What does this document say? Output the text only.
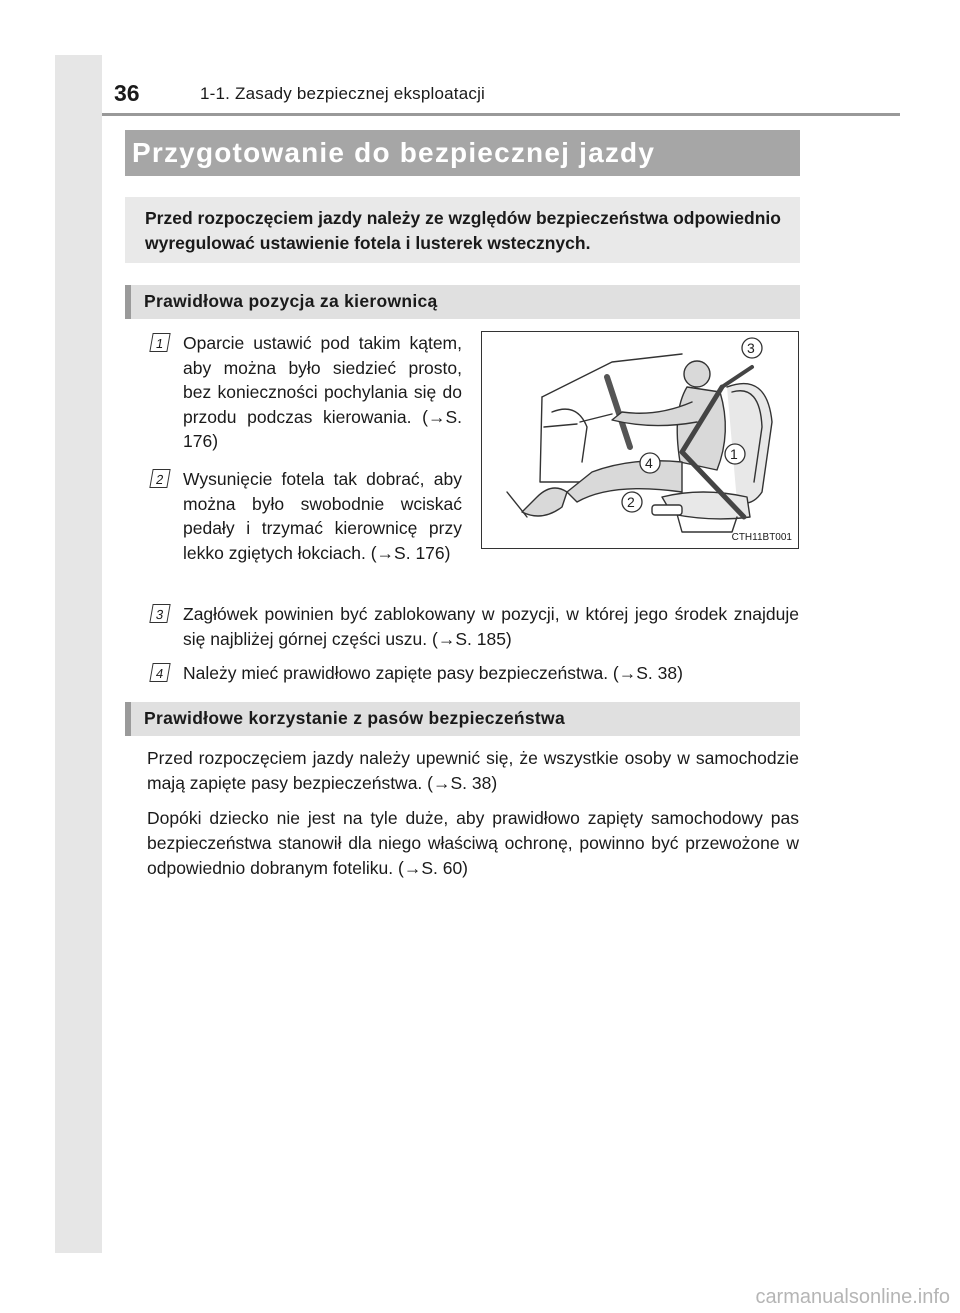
36	1-1. Zasady bezpiecznej eksploatacji
Przygotowanie do bezpiecznej jazdy

Przed rozpoczęciem jazdy należy ze względów bezpieczeństwa odpowiednio wyregulować ustawienie fotela i lusterek wstecznych.

Prawidłowa pozycja za kierownicą

1	Oparcie ustawić pod takim kątem, aby można było siedzieć prosto, bez konieczności pochylania się do przodu podczas kierowania. (→S. 176)

2	Wysunięcie fotela tak dobrać, aby można było swobodnie wciskać pedały i trzymać kierownicę przy lekko zgiętych łokciach. (→S. 176)

3	Zagłówek powinien być zablokowany w pozycji, w której jego środek znajduje się najbliżej górnej części uszu. (→S. 185)

4	Należy mieć prawidłowo zapięte pasy bezpieczeństwa. (→S. 38)

3
1
4
2
CTH11BT001
Prawidłowe korzystanie z pasów bezpieczeństwa

Przed rozpoczęciem jazdy należy upewnić się, że wszystkie osoby w samochodzie mają zapięte pasy bezpieczeństwa. (→S. 38)

Dopóki dziecko nie jest na tyle duże, aby prawidłowo zapięty samochodowy pas bezpieczeństwa stanowił dla niego właściwą ochronę, powinno być przewożone w odpowiednio dobranym foteliku. (→S. 60)

carmanualsonline.info
